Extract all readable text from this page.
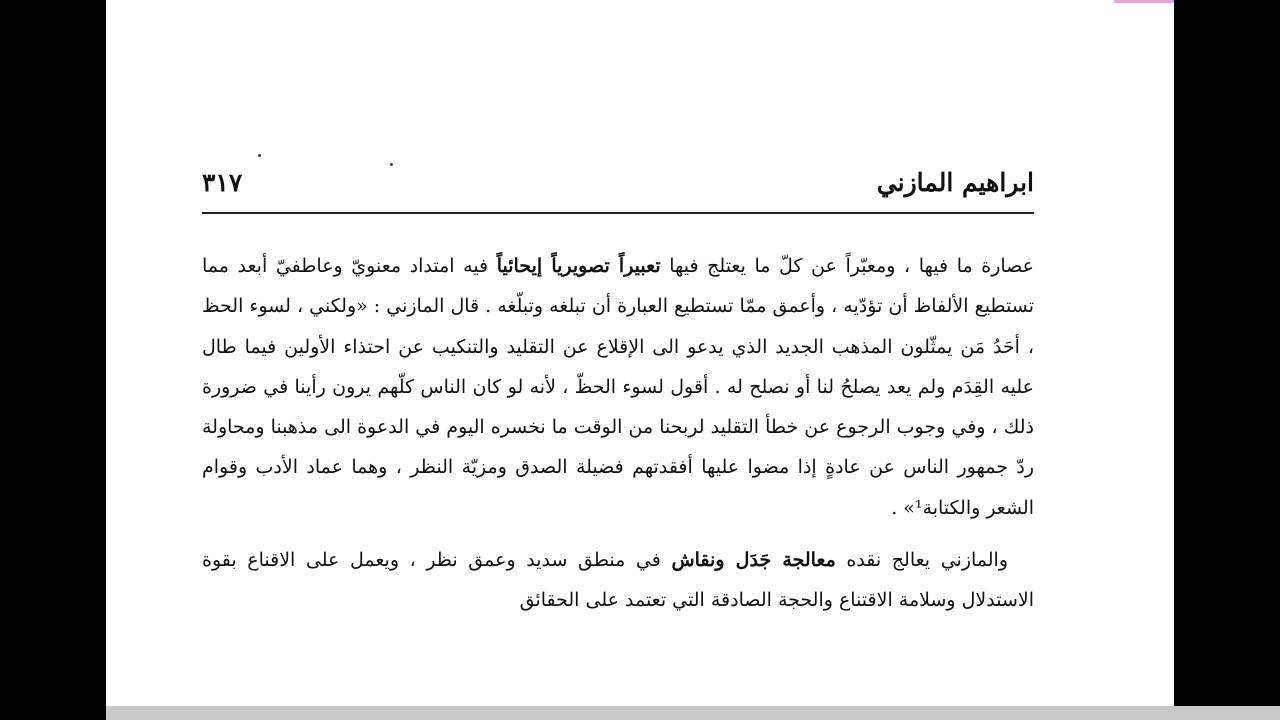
ابراهيم المازني
٣١٧

عصارة ما فيها ، ومعبّراً عن كلّ ما يعتلج فيها تعبيراً تصويرياً إيحائياً فيه امتداد معنويّ وعاطفيّ أبعد مما تستطيع الألفاظ أن تؤدّيه ، وأعمق ممّا تستطيع العبارة أن تبلغه وتبلّغه . قال المازني : «ولكني ، لسوء الحظ ، أحَدُ مَن يمثّلون المذهب الجديد الذي يدعو الى الإقلاع عن التقليد والتنكيب عن احتذاء الأولين فيما طال عليه القِدَم ولم يعد يصلحُ لنا أو نصلح له . أقول لسوء الحظّ ، لأنه لو كان الناس كلّهم يرون رأينا في ضرورة ذلك ، وفي وجوب الرجوع عن خطأ التقليد لربحنا من الوقت ما نخسره اليوم في الدعوة الى مذهبنا ومحاولة ردّ جمهور الناس عن عادةٍ إذا مضوا عليها أفقدتهم فضيلة الصدق ومزيّة النظر ، وهما عماد الأدب وقوام الشعر والكتابة¹» .

والمازني يعالج نقده معالجة جَدَل ونقاش في منطق سديد وعمق نظر ، ويعمل على الاقناع بقوة الاستدلال وسلامة الاقتناع والحجة الصادقة التي تعتمد على الحقائق
